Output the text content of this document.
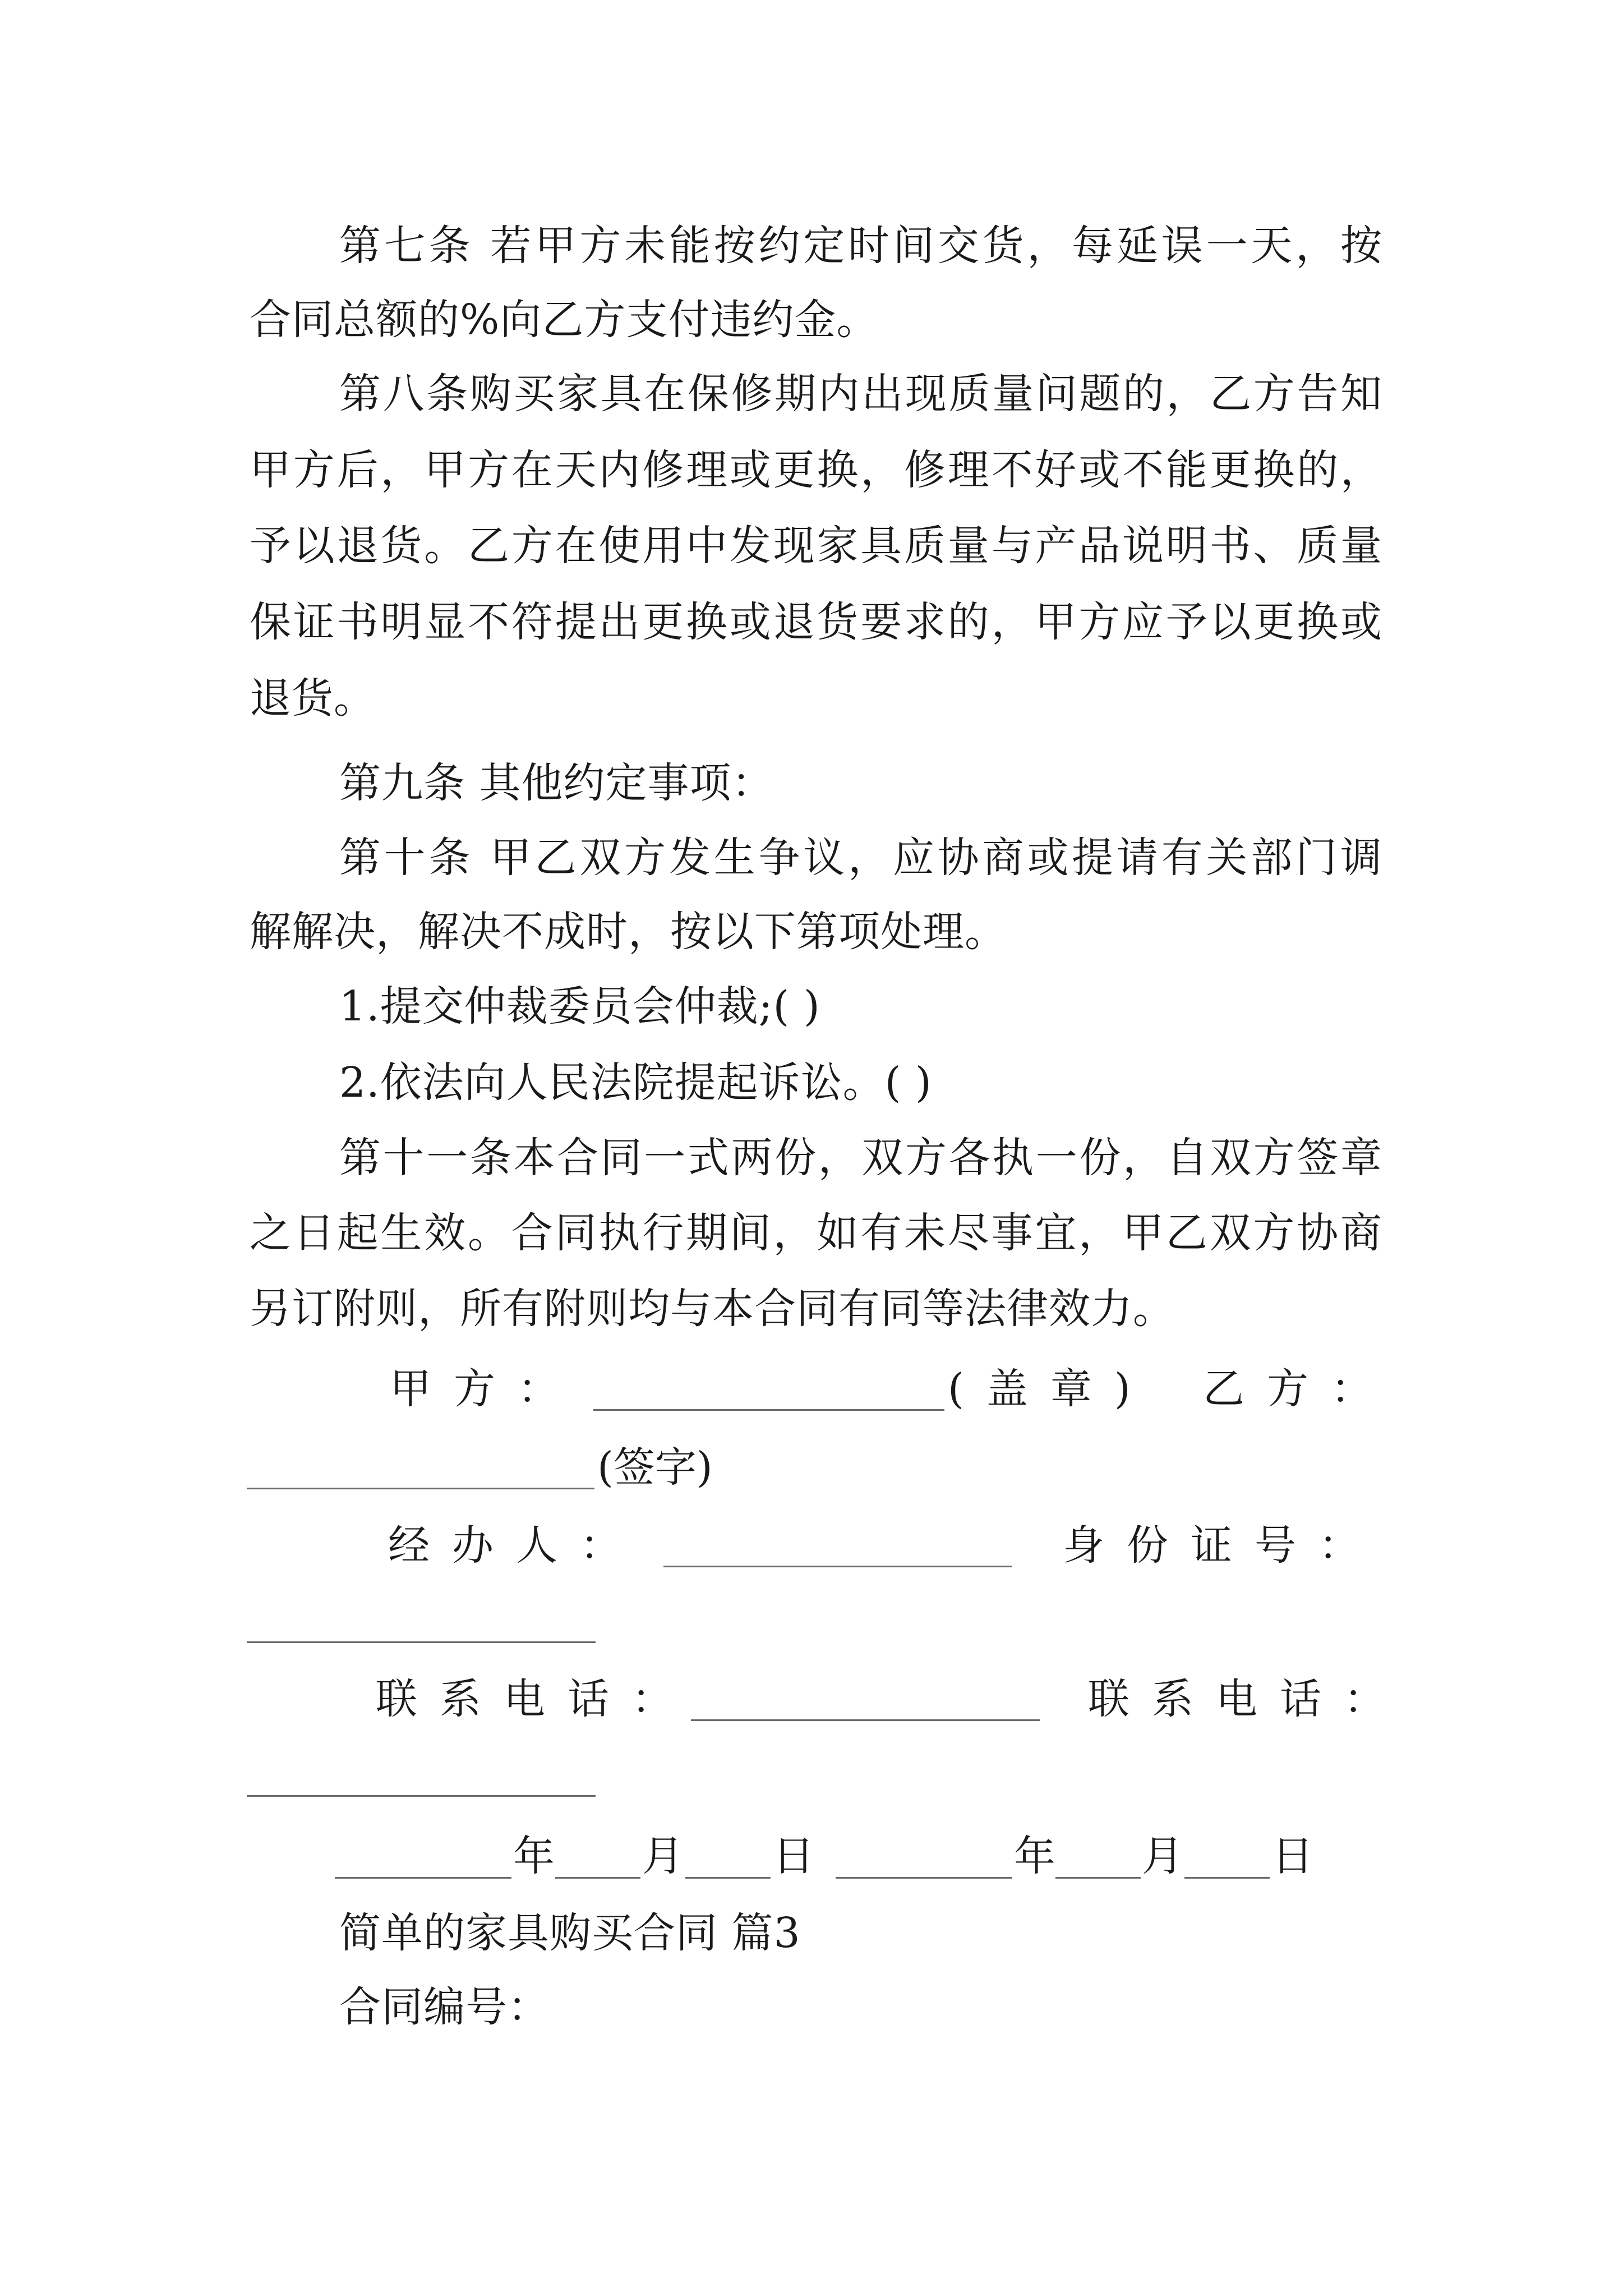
第七条 若甲方未能按约定时间交货，每延误一天，按
合同总额的%向乙方支付违约金。
第八条购买家具在保修期内出现质量问题的，乙方告知
甲方后，甲方在天内修理或更换，修理不好或不能更换的，
予以退货。乙方在使用中发现家具质量与产品说明书、质量
保证书明显不符提出更换或退货要求的，甲方应予以更换或
退货。
第九条 其他约定事项：
第十条 甲乙双方发生争议，应协商或提请有关部门调
解解决，解决不成时，按以下第项处理。
1.提交仲裁委员会仲裁;( )
2.依法向人民法院提起诉讼。( )
第十一条本合同一式两份，双方各执一份，自双方签章
之日起生效。合同执行期间，如有未尽事宜，甲乙双方协商
另订附则，所有附则均与本合同有同等法律效力。
甲方：	(盖章) 乙方：
(签字)
经办人：	身份证号：
联系电话：	联系电话：
年 月 日	年 月 日
简单的家具购买合同 篇3
合同编号：
